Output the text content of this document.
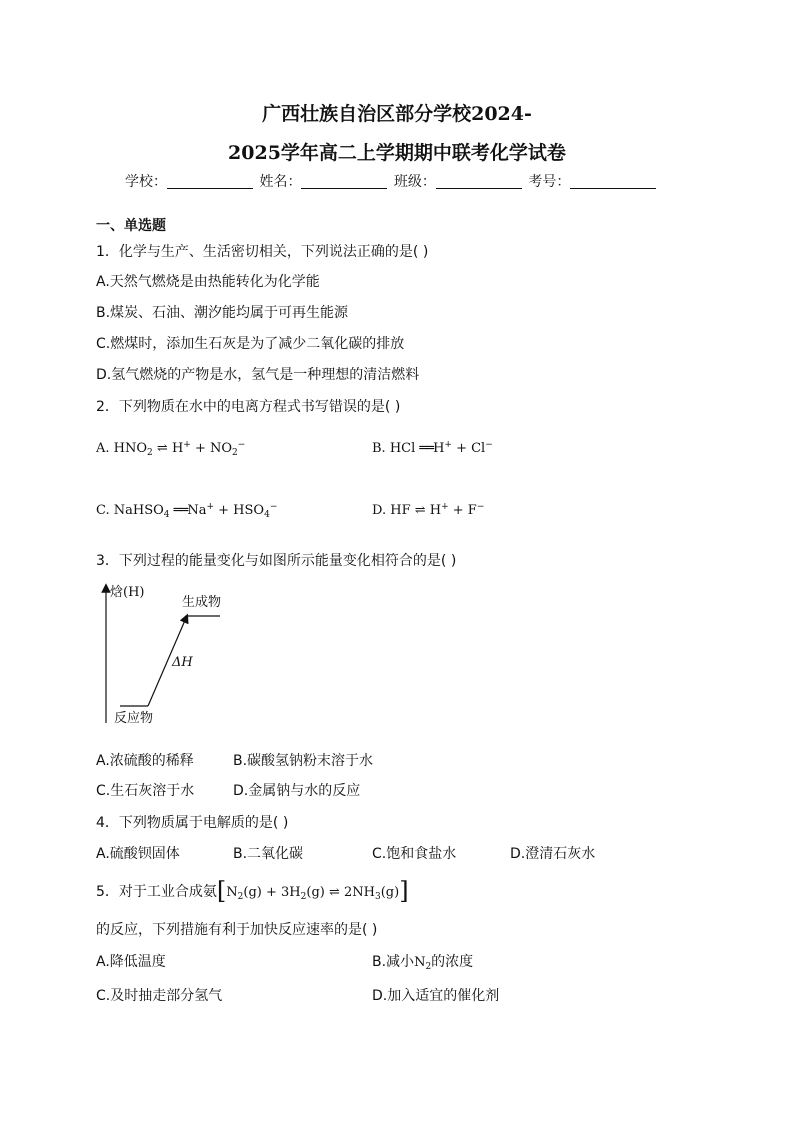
广西壮族自治区部分学校2024-
2025学年高二上学期期中联考化学试卷
学校：	姓名：	班级：	考号：
一、单选题
1．化学与生产、生活密切相关，下列说法正确的是( )
A.天然气燃烧是由热能转化为化学能
B.煤炭、石油、潮汐能均属于可再生能源
C.燃煤时，添加生石灰是为了减少二氧化碳的排放
D.氢气燃烧的产物是水，氢气是一种理想的清洁燃料
2．下列物质在水中的电离方程式书写错误的是( )
A. $HNO_2$ ⇌ $H^+ + NO_2^-$	B. HCl ══H+ + Cl−
C. NaHSO$_4$ ══Na+ + $HSO_4^-$	D. HF ⇌ H+ + F−
3．下列过程的能量变化与如图所示能量变化相符合的是( )
焓(H)
生成物
ΔH
反应物
A.浓硫酸的稀释	B.碳酸氢钠粉末溶于水
C.生石灰溶于水	D.金属钠与水的反应
4．下列物质属于电解质的是( )
A.硫酸钡固体	B.二氧化碳	C.饱和食盐水	D.澄清石灰水
5．对于工业合成氨[$N_2(g) + 3H_2(g)$ ⇌ $2NH_3(g)$]
的反应，下列措施有利于加快反应速率的是( )
A.降低温度	B.减小$N_2$的浓度
C.及时抽走部分氢气	D.加入适宜的催化剂
